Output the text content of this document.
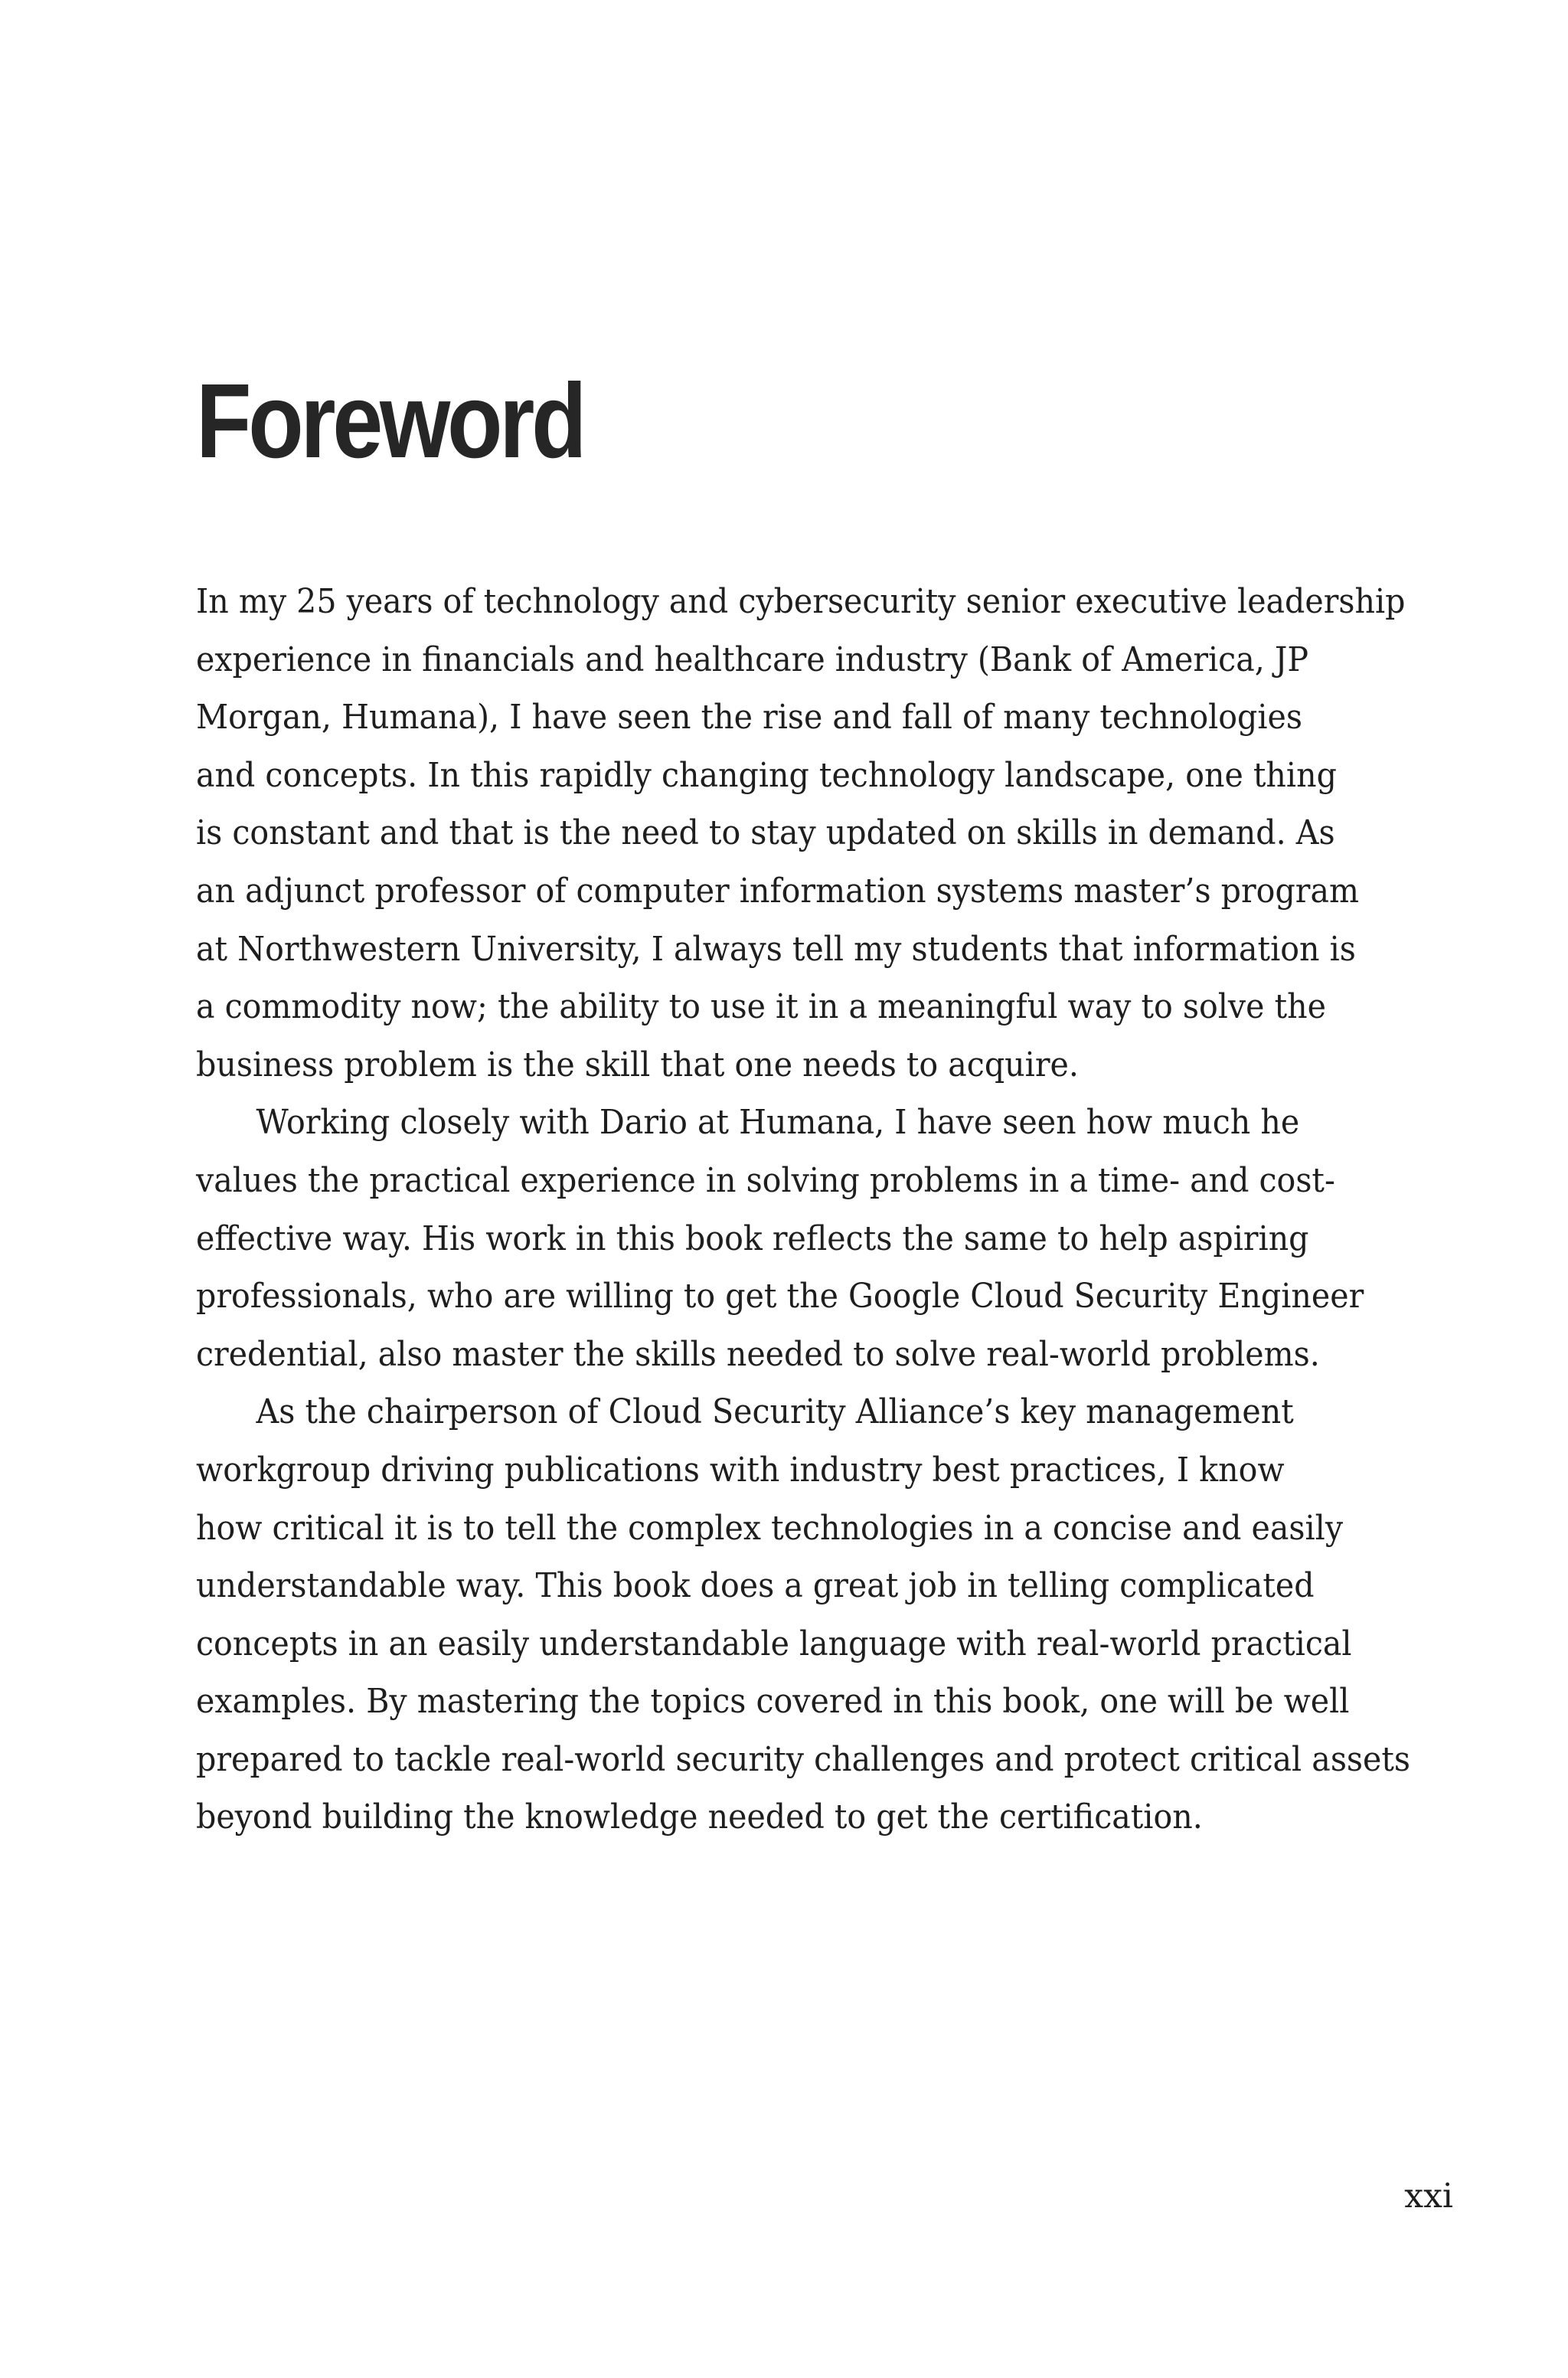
Foreword

In my 25 years of technology and cybersecurity senior executive leadership
experience in financials and healthcare industry (Bank of America, JP
Morgan, Humana), I have seen the rise and fall of many technologies
and concepts. In this rapidly changing technology landscape, one thing
is constant and that is the need to stay updated on skills in demand. As
an adjunct professor of computer information systems master’s program
at Northwestern University, I always tell my students that information is
a commodity now; the ability to use it in a meaningful way to solve the
business problem is the skill that one needs to acquire.

Working closely with Dario at Humana, I have seen how much he
values the practical experience in solving problems in a time- and cost-
effective way. His work in this book reflects the same to help aspiring
professionals, who are willing to get the Google Cloud Security Engineer
credential, also master the skills needed to solve real-world problems.

As the chairperson of Cloud Security Alliance’s key management
workgroup driving publications with industry best practices, I know
how critical it is to tell the complex technologies in a concise and easily
understandable way. This book does a great job in telling complicated
concepts in an easily understandable language with real-world practical
examples. By mastering the topics covered in this book, one will be well
prepared to tackle real-world security challenges and protect critical assets
beyond building the knowledge needed to get the certification.

xxi
